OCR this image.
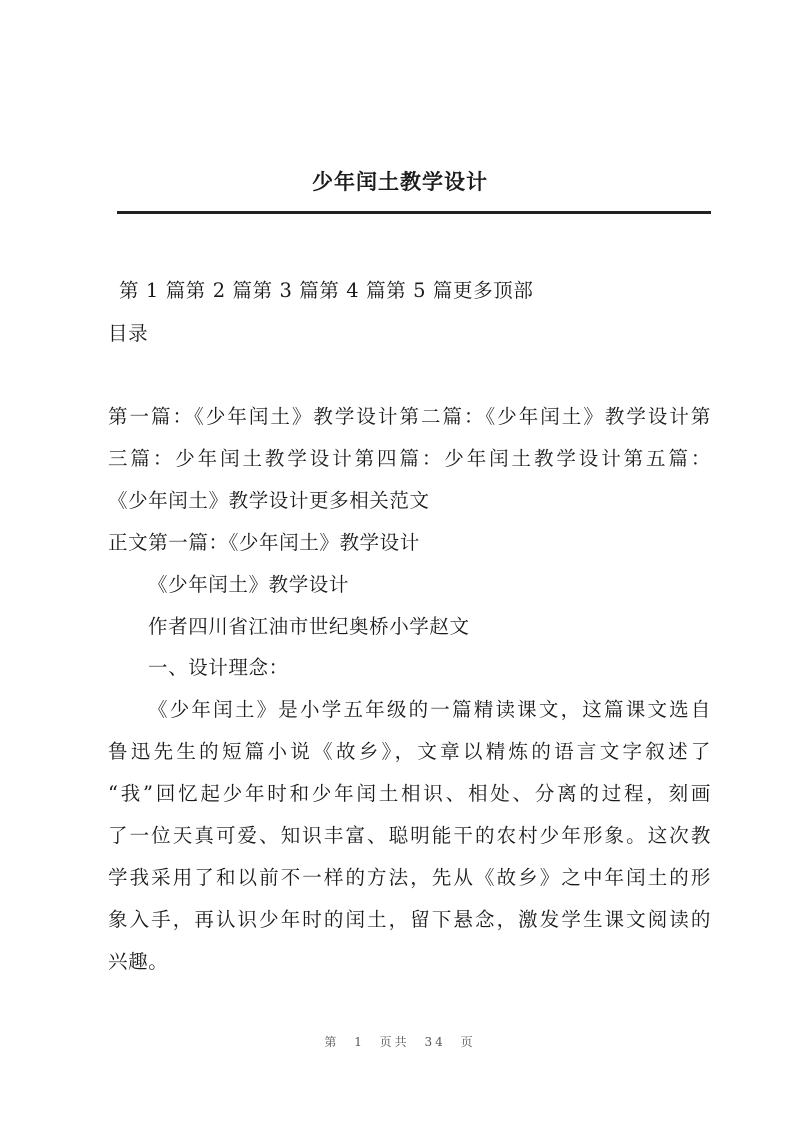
少年闰土教学设计
第 1 篇第 2 篇第 3 篇第 4 篇第 5 篇更多顶部
目录
第一篇：《少年闰土》教学设计第二篇：《少年闰土》教学设计第
三篇：少年闰土教学设计第四篇：少年闰土教学设计第五篇：
《少年闰土》教学设计更多相关范文
正文第一篇：《少年闰土》教学设计
《少年闰土》教学设计
作者四川省江油市世纪奥桥小学赵文
一、设计理念：
《少年闰土》是小学五年级的一篇精读课文，这篇课文选自
鲁迅先生的短篇小说《故乡》，文章以精炼的语言文字叙述了
“我”回忆起少年时和少年闰土相识、相处、分离的过程，刻画
了一位天真可爱、知识丰富、聪明能干的农村少年形象。这次教
学我采用了和以前不一样的方法，先从《故乡》之中年闰土的形
象入手，再认识少年时的闰土，留下悬念，激发学生课文阅读的
兴趣。
第 1 页共 34 页
